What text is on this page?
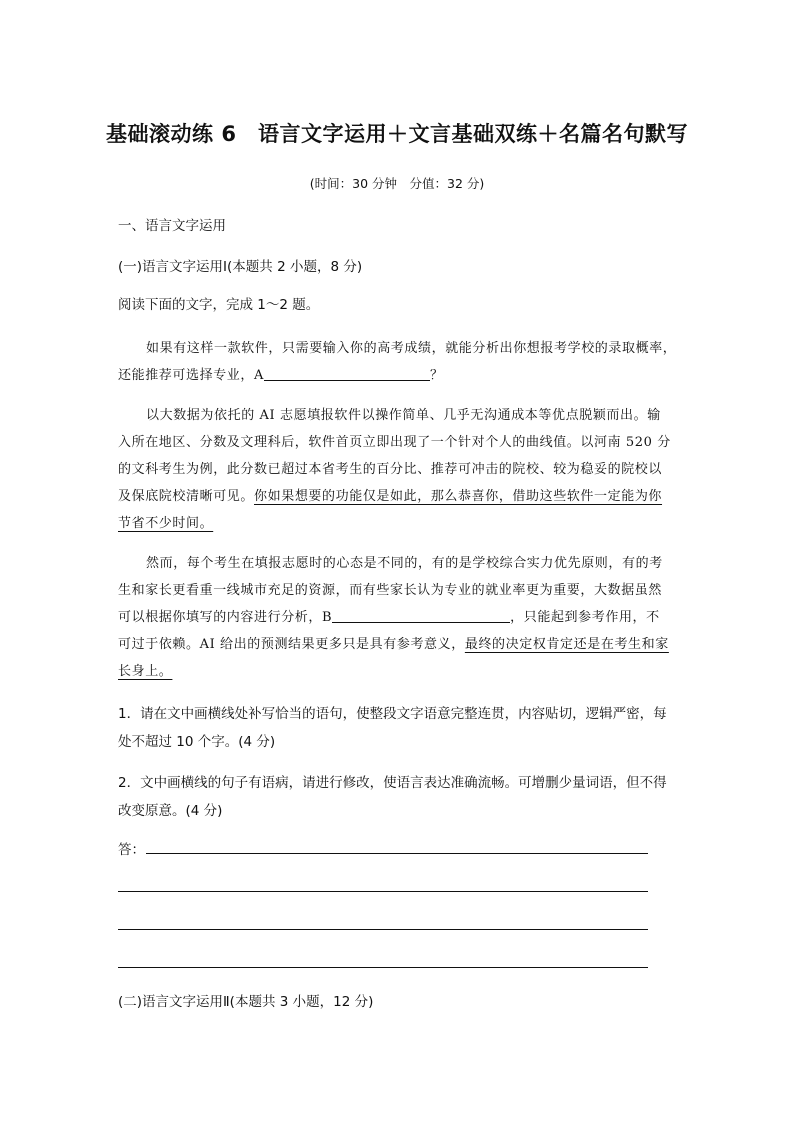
基础滚动练 6　语言文字运用＋文言基础双练＋名篇名句默写
(时间：30 分钟　分值：32 分)
一、语言文字运用
(一)语言文字运用Ⅰ(本题共 2 小题，8 分)
阅读下面的文字，完成 1～2 题。
如果有这样一款软件，只需要输入你的高考成绩，就能分析出你想报考学校的录取概率，
还能推荐可选择专业，A	？
以大数据为依托的 AI 志愿填报软件以操作简单、几乎无沟通成本等优点脱颖而出。输
入所在地区、分数及文理科后，软件首页立即出现了一个针对个人的曲线值。以河南 520 分
的文科考生为例，此分数已超过本省考生的百分比、推荐可冲击的院校、较为稳妥的院校以
及保底院校清晰可见。你如果想要的功能仅是如此，那么恭喜你，借助这些软件一定能为你
节省不少时间。
然而，每个考生在填报志愿时的心态是不同的，有的是学校综合实力优先原则，有的考
生和家长更看重一线城市充足的资源，而有些家长认为专业的就业率更为重要，大数据虽然
可以根据你填写的内容进行分析，B	，只能起到参考作用，不
可过于依赖。AI 给出的预测结果更多只是具有参考意义，最终的决定权肯定还是在考生和家
长身上。
1．请在文中画横线处补写恰当的语句，使整段文字语意完整连贯，内容贴切，逻辑严密，每
处不超过 10 个字。(4 分)
2．文中画横线的句子有语病，请进行修改，使语言表达准确流畅。可增删少量词语，但不得
改变原意。(4 分)
答：
(二)语言文字运用Ⅱ(本题共 3 小题，12 分)
